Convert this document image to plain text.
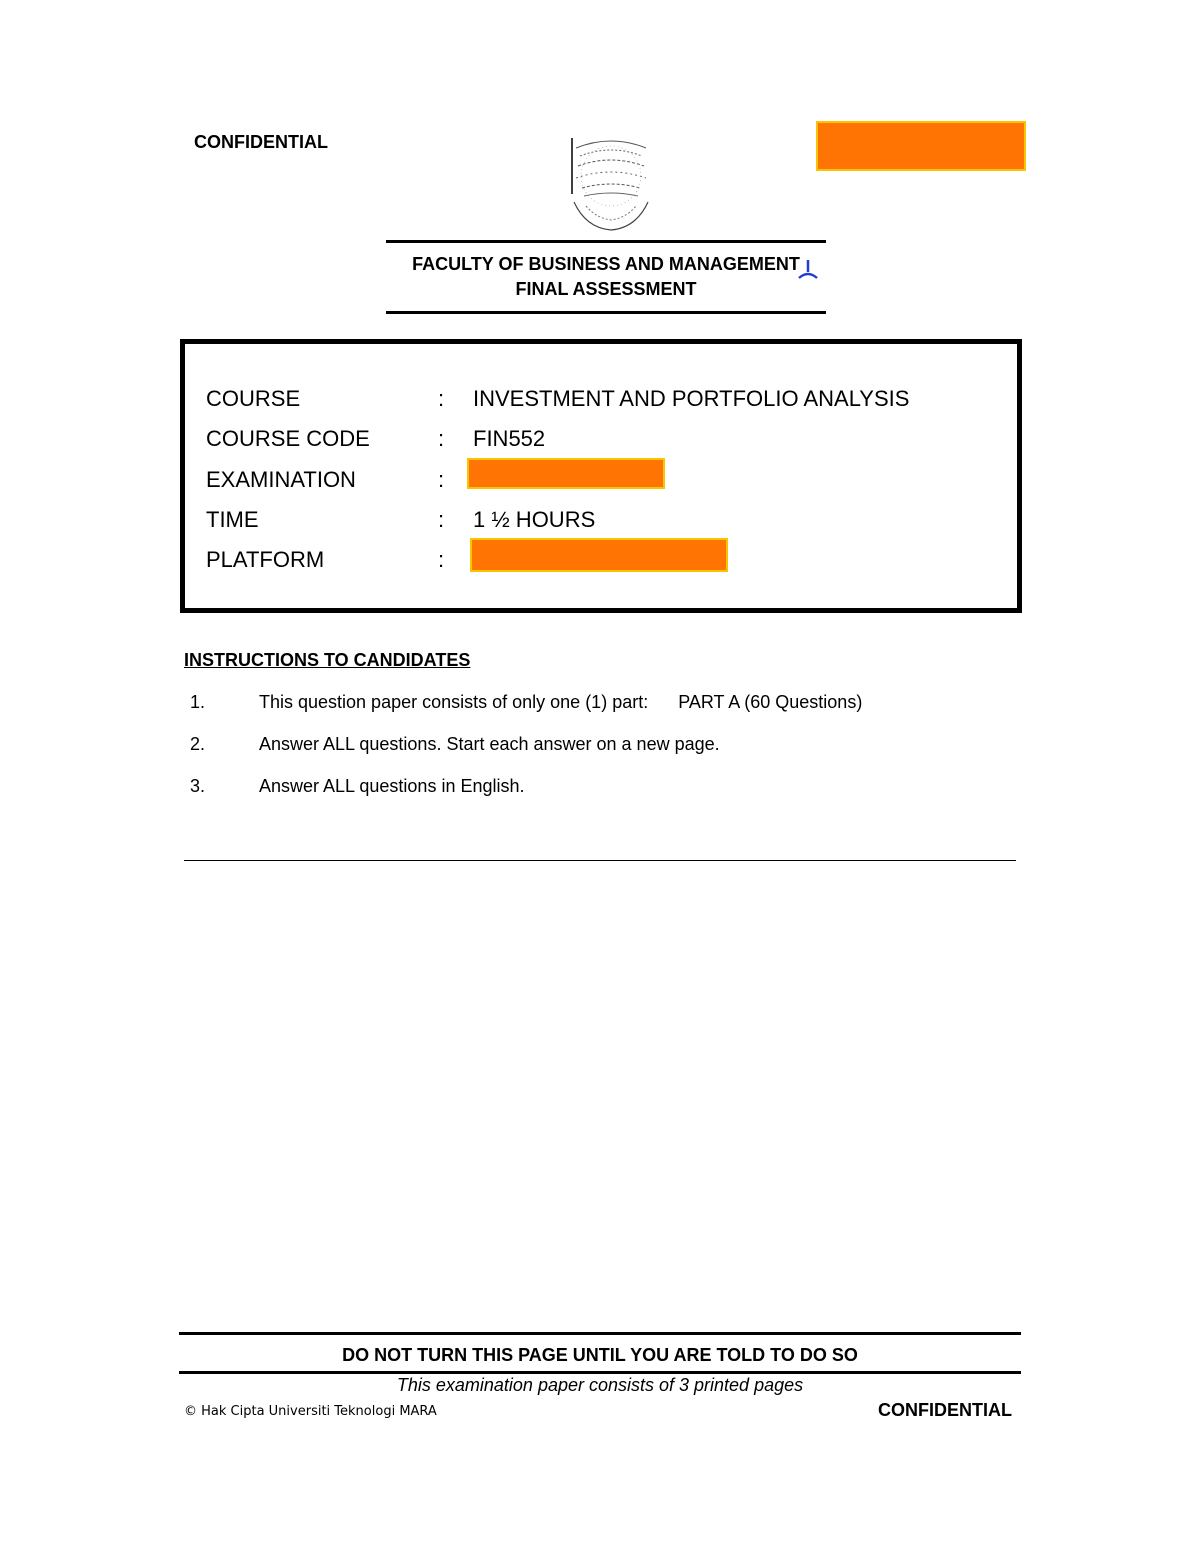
CONFIDENTIAL
FACULTY OF BUSINESS AND MANAGEMENT
FINAL ASSESSMENT
COURSE	: INVESTMENT AND PORTFOLIO ANALYSIS
COURSE CODE	: FIN552
EXAMINATION	:
TIME	: 1 ½ HOURS
PLATFORM	:
INSTRUCTIONS TO CANDIDATES
1.	This question paper consists of only one (1) part:      PART A (60 Questions)
2.	Answer ALL questions. Start each answer on a new page.
3.	Answer ALL questions in English.
DO NOT TURN THIS PAGE UNTIL YOU ARE TOLD TO DO SO
This examination paper consists of 3 printed pages
© Hak Cipta Universiti Teknologi MARA	CONFIDENTIAL
